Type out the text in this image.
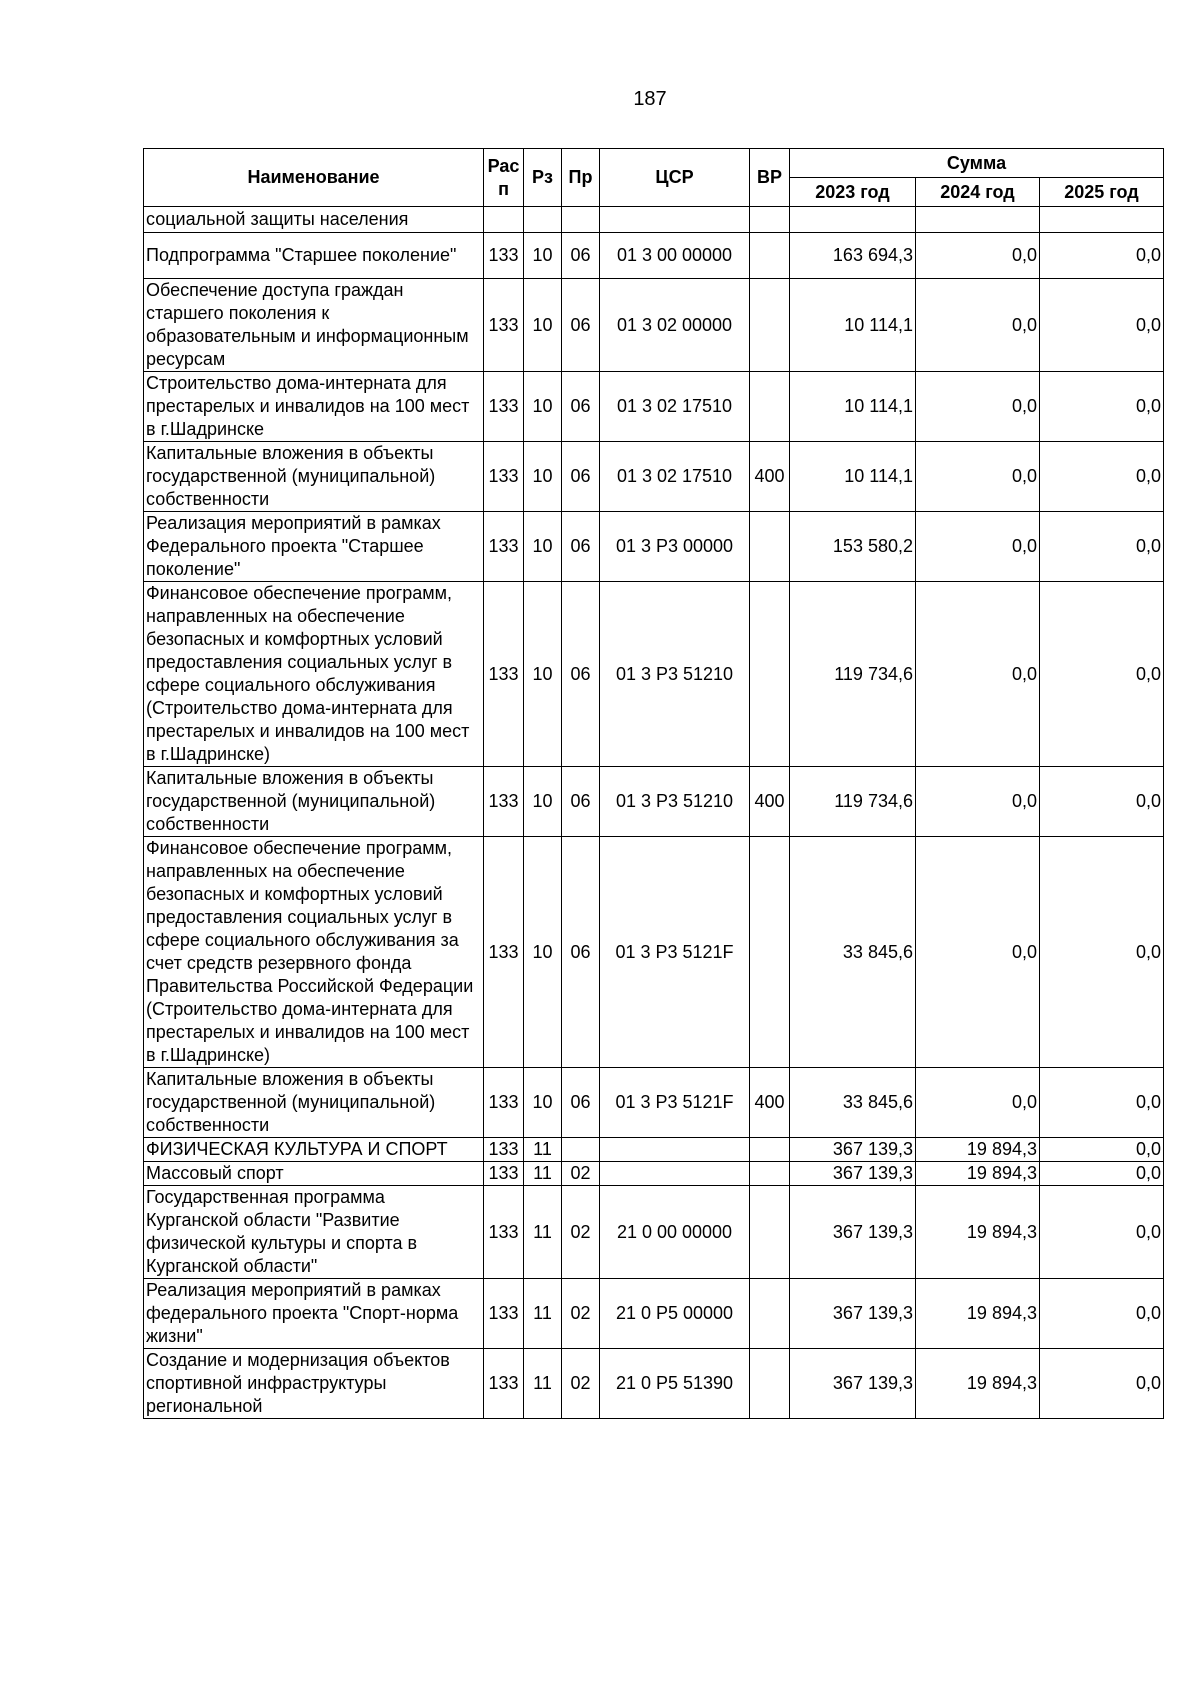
187
Наименование	Рас п	Рз	Пр	ЦСР	ВР	Сумма		
						2023 год	2024 год	2025 год
социальной защиты населения								
Подпрограмма "Старшее поколение"	133	10	06	01 3 00 00000		163 694,3	0,0	0,0
Обеспечение доступа граждан старшего поколения к образовательным и информационным ресурсам	133	10	06	01 3 02 00000		10 114,1	0,0	0,0
Строительство дома-интерната для престарелых и инвалидов на 100 мест в г.Шадринске	133	10	06	01 3 02 17510		10 114,1	0,0	0,0
Капитальные вложения в объекты государственной (муниципальной) собственности	133	10	06	01 3 02 17510	400	10 114,1	0,0	0,0
Реализация мероприятий в рамках Федерального проекта "Старшее поколение"	133	10	06	01 3 P3 00000		153 580,2	0,0	0,0
Финансовое обеспечение программ, направленных на обеспечение безопасных и комфортных условий предоставления социальных услуг в сфере социального обслуживания (Строительство дома-интерната для престарелых и инвалидов на 100 мест в г.Шадринске)	133	10	06	01 3 P3 51210		119 734,6	0,0	0,0
Капитальные вложения в объекты государственной (муниципальной) собственности	133	10	06	01 3 P3 51210	400	119 734,6	0,0	0,0
Финансовое обеспечение программ, направленных на обеспечение безопасных и комфортных условий предоставления социальных услуг в сфере социального обслуживания за счет средств резервного фонда Правительства Российской Федерации (Строительство дома-интерната для престарелых и инвалидов на 100 мест в г.Шадринске)	133	10	06	01 3 P3 5121F		33 845,6	0,0	0,0
Капитальные вложения в объекты государственной (муниципальной) собственности	133	10	06	01 3 P3 5121F	400	33 845,6	0,0	0,0
ФИЗИЧЕСКАЯ КУЛЬТУРА И СПОРТ	133	11				367 139,3	19 894,3	0,0
Массовый спорт	133	11	02			367 139,3	19 894,3	0,0
Государственная программа Курганской области "Развитие физической культуры и спорта в Курганской области"	133	11	02	21 0 00 00000		367 139,3	19 894,3	0,0
Реализация мероприятий в рамках федерального проекта "Спорт-норма жизни"	133	11	02	21 0 P5 00000		367 139,3	19 894,3	0,0
Создание и модернизация объектов спортивной инфраструктуры региональной	133	11	02	21 0 P5 51390		367 139,3	19 894,3	0,0
